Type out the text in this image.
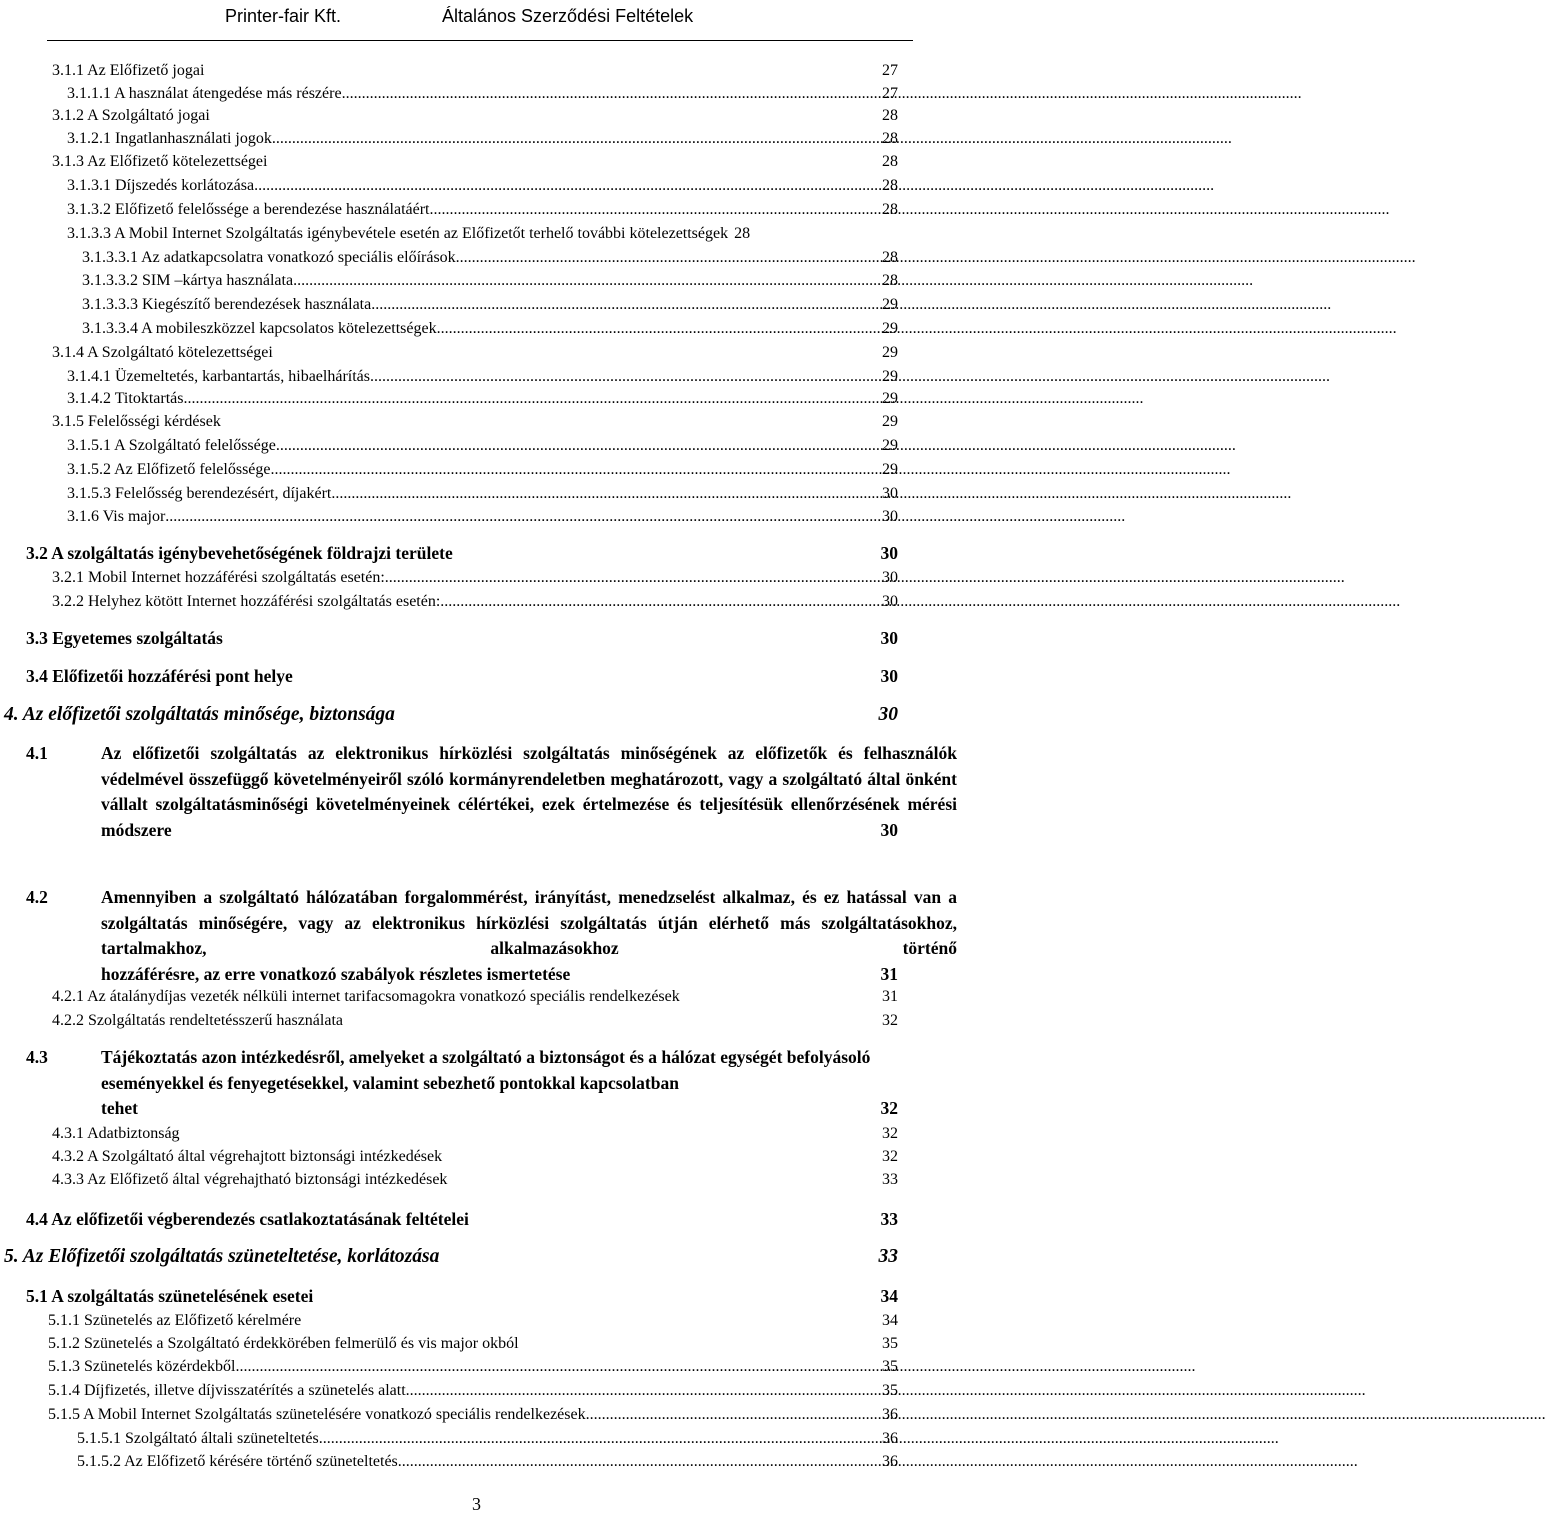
Printer-fair Kft.	Általános Szerződési Feltételek
3.1.1 Az Előfizető jogai	27
3.1.1.1 A használat átengedése más részére .....	27
3.1.2 A Szolgáltató jogai	28
3.1.2.1 Ingatlanhasználati jogok .....	28
3.1.3 Az Előfizető kötelezettségei	28
3.1.3.1 Díjszedés korlátozása .....	28
3.1.3.2 Előfizető felelőssége a berendezése használatáért .....	28
3.1.3.3 A Mobil Internet Szolgáltatás igénybevétele esetén az Előfizetőt terhelő további kötelezettségek 28
3.1.3.3.1 Az adatkapcsolatra vonatkozó speciális előírások .....	28
3.1.3.3.2 SIM –kártya használata .....	28
3.1.3.3.3 Kiegészítő berendezések használata .....	29
3.1.3.3.4 A mobileszközzel kapcsolatos kötelezettségek .....	29
3.1.4 A Szolgáltató kötelezettségei	29
3.1.4.1 Üzemeltetés, karbantartás, hibaelhárítás .....	29
3.1.4.2 Titoktartás .....	29
3.1.5 Felelősségi kérdések	29
3.1.5.1 A Szolgáltató felelőssége .....	29
3.1.5.2 Az Előfizető felelőssége .....	29
3.1.5.3 Felelősség berendezésért, díjakért .....	30
3.1.6 Vis major .....	30
3.2 A szolgáltatás igénybevehetőségének földrajzi területe	30
3.2.1 Mobil Internet hozzáférési szolgáltatás esetén: .....	30
3.2.2 Helyhez kötött Internet hozzáférési szolgáltatás esetén: .....	30
3.3 Egyetemes szolgáltatás	30
3.4 Előfizetői hozzáférési pont helye	30
4. Az előfizetői szolgáltatás minősége, biztonsága	30
4.1	Az előfizetői szolgáltatás az elektronikus hírközlési szolgáltatás minőségének az előfizetők és felhasználók védelmével összefüggő követelményeiről szóló kormányrendeletben meghatározott, vagy a szolgáltató által önként vállalt szolgáltatásminőségi követelményeinek célértékei, ezek értelmezése és teljesítésük ellenőrzésének mérési
módszere	30
4.2	Amennyiben a szolgáltató hálózatában forgalommérést, irányítást, menedzselést alkalmaz, és ez hatással van a szolgáltatás minőségére, vagy az elektronikus hírközlési szolgáltatás útján elérhető más szolgáltatásokhoz, tartalmakhoz, alkalmazásokhoz történő
hozzáférésre, az erre vonatkozó szabályok részletes ismertetése	31
4.2.1 Az átalánydíjas vezeték nélküli internet tarifacsomagokra vonatkozó speciális rendelkezések	31
4.2.2 Szolgáltatás rendeltetésszerű használata	32
4.3	Tájékoztatás azon intézkedésről, amelyeket a szolgáltató a biztonságot és a hálózat egységét befolyásoló eseményekkel és fenyegetésekkel, valamint sebezhető pontokkal kapcsolatban
tehet	32
4.3.1 Adatbiztonság	32
4.3.2 A Szolgáltató által végrehajtott biztonsági intézkedések	32
4.3.3 Az Előfizető által végrehajtható biztonsági intézkedések	33
4.4 Az előfizetői végberendezés csatlakoztatásának feltételei	33
5. Az Előfizetői szolgáltatás szüneteltetése, korlátozása	33
5.1 A szolgáltatás szünetelésének esetei	34
5.1.1 Szünetelés az Előfizető kérelmére	34
5.1.2 Szünetelés a Szolgáltató érdekkörében felmerülő és vis major okból	35
5.1.3 Szünetelés közérdekből .....	35
5.1.4 Díjfizetés, illetve díjvisszatérítés a szünetelés alatt .....	35
5.1.5 A Mobil Internet Szolgáltatás szünetelésére vonatkozó speciális rendelkezések .....	36
5.1.5.1 Szolgáltató általi szüneteltetés .....	36
5.1.5.2 Az Előfizető kérésére történő szüneteltetés .....	36
3
